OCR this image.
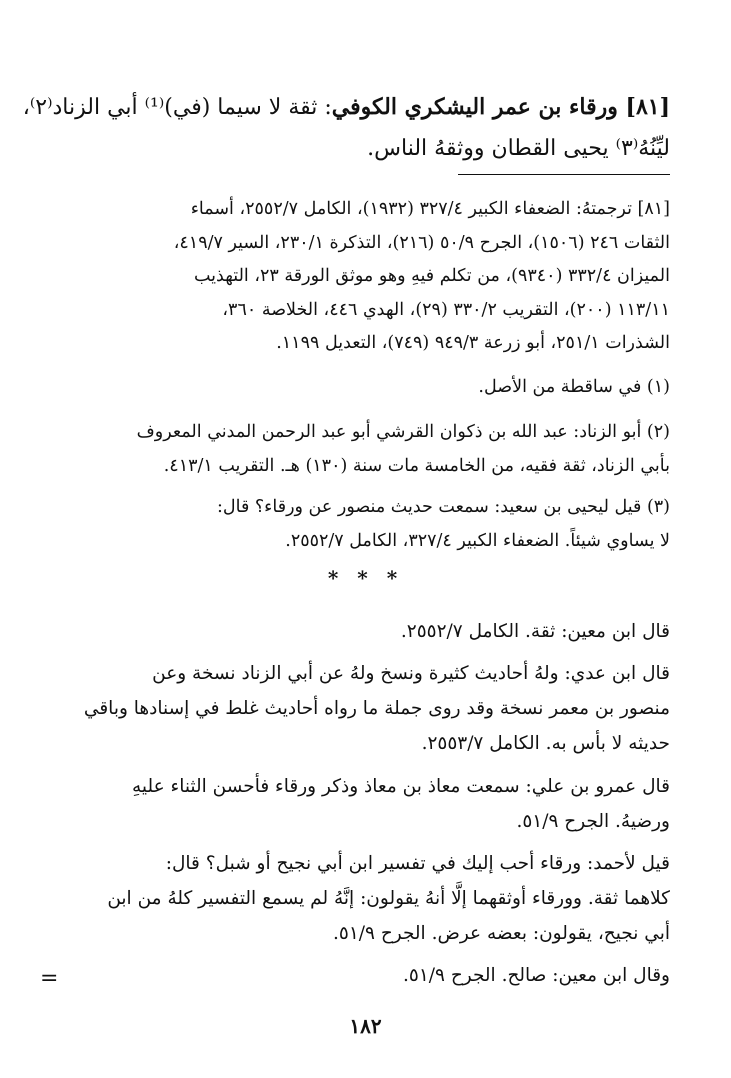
[٨١] ورقاء بن عمر اليشكري الكوفي: ثقة لا سيما (في)⁽¹⁾ أبي الزناد⁽٢⁾،
ليِّنُهُ⁽٣⁾ يحيى القطان ووثقهُ الناس.
[٨١] ترجمتهُ: الضعفاء الكبير ٣٢٧/٤ (١٩٣٢)، الكامل ٢٥٥٢/٧، أسماء
الثقات ٢٤٦ (١٥٠٦)، الجرح ٥٠/٩ (٢١٦)، التذكرة ٢٣٠/١، السير ٤١٩/٧،
الميزان ٣٣٢/٤ (٩٣٤٠)، من تكلم فيهِ وهو موثق الورقة ٢٣، التهذيب
١١٣/١١ (٢٠٠)، التقريب ٣٣٠/٢ (٢٩)، الهدي ٤٤٦، الخلاصة ٣٦٠،
الشذرات ٢٥١/١، أبو زرعة ٩٤٩/٣ (٧٤٩)، التعديل ١١٩٩.
(١) في ساقطة من الأصل.
(٢) أبو الزناد: عبد الله بن ذكوان القرشي أبو عبد الرحمن المدني المعروف
بأبي الزناد، ثقة فقيه، من الخامسة مات سنة (١٣٠) هـ. التقريب ٤١٣/١.
(٣) قيل ليحيى بن سعيد: سمعت حديث منصور عن ورقاء؟ قال:
لا يساوي شيئاً. الضعفاء الكبير ٣٢٧/٤، الكامل ٢٥٥٢/٧.
* * *
قال ابن معين: ثقة. الكامل ٢٥٥٢/٧.
قال ابن عدي: ولهُ أحاديث كثيرة ونسخ ولهُ عن أبي الزناد نسخة وعن
منصور بن معمر نسخة وقد روى جملة ما رواه أحاديث غلط في إسنادها وباقي
حديثه لا بأس به. الكامل ٢٥٥٣/٧.
قال عمرو بن علي: سمعت معاذ بن معاذ وذكر ورقاء فأحسن الثناء عليهِ
ورضيهُ. الجرح ٥١/٩.
قيل لأحمد: ورقاء أحب إليك في تفسير ابن أبي نجيح أو شبل؟ قال:
كلاهما ثقة. وورقاء أوثقهما إلَّا أنهُ يقولون: إنَّهُ لم يسمع التفسير كلهُ من ابن
أبي نجيح، يقولون: بعضه عرض. الجرح ٥١/٩.
وقال ابن معين: صالح. الجرح ٥١/٩.
=
١٨٢
